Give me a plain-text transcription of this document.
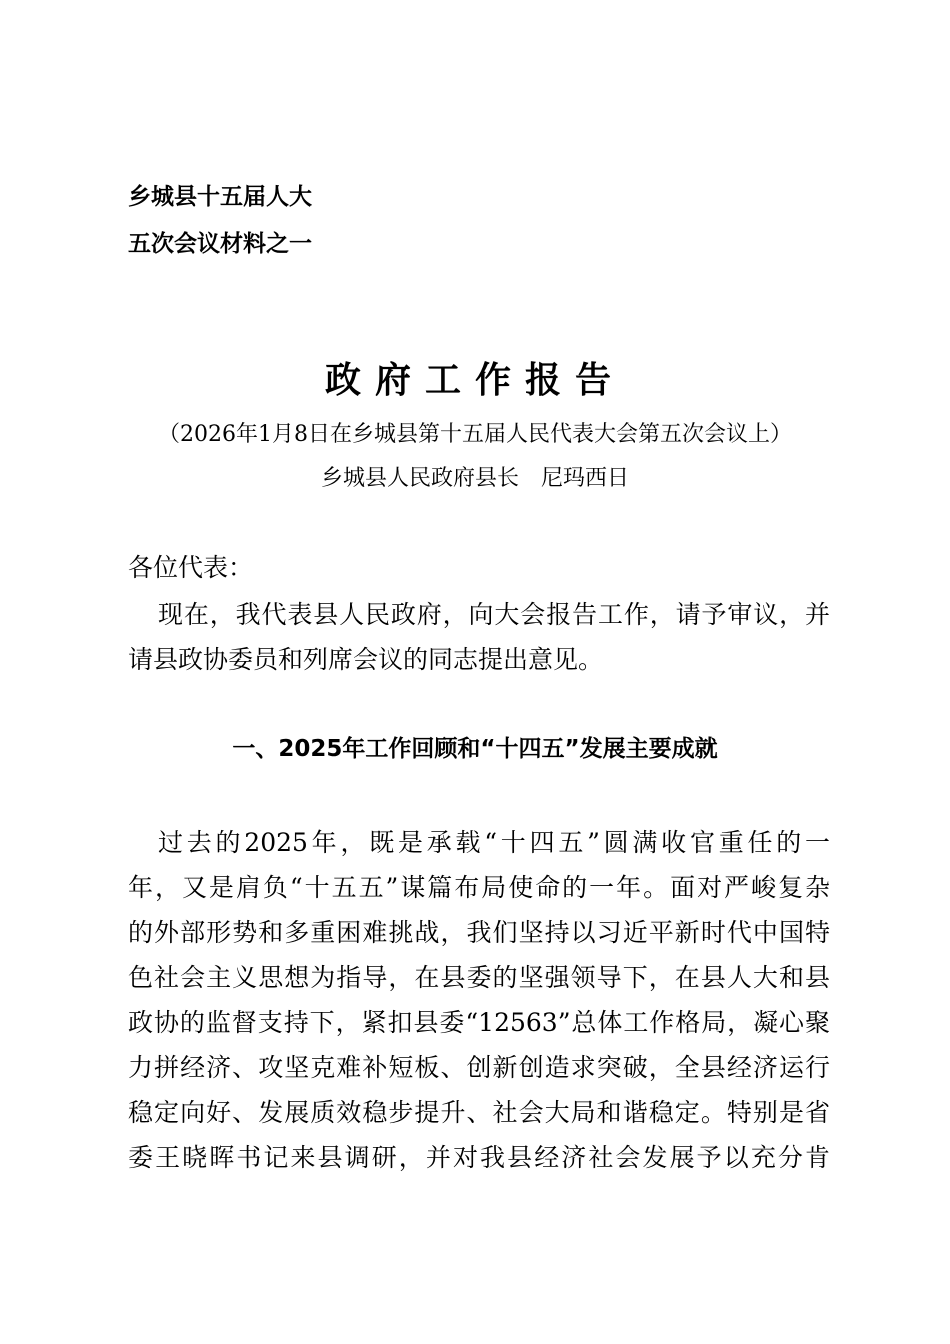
乡城县十五届人大
五次会议材料之一
政府工作报告
（2026年1月8日在乡城县第十五届人民代表大会第五次会议上）
乡城县人民政府县长　尼玛西日
各位代表：
现在，我代表县人民政府，向大会报告工作，请予审议，并
请县政协委员和列席会议的同志提出意见。
一、2025年工作回顾和“十四五”发展主要成就
过去的2025年，既是承载“十四五”圆满收官重任的一
年，又是肩负“十五五”谋篇布局使命的一年。面对严峻复杂
的外部形势和多重困难挑战，我们坚持以习近平新时代中国特
色社会主义思想为指导，在县委的坚强领导下，在县人大和县
政协的监督支持下，紧扣县委“12563”总体工作格局，凝心聚
力拼经济、攻坚克难补短板、创新创造求突破，全县经济运行
稳定向好、发展质效稳步提升、社会大局和谐稳定。特别是省
委王晓晖书记来县调研，并对我县经济社会发展予以充分肯
